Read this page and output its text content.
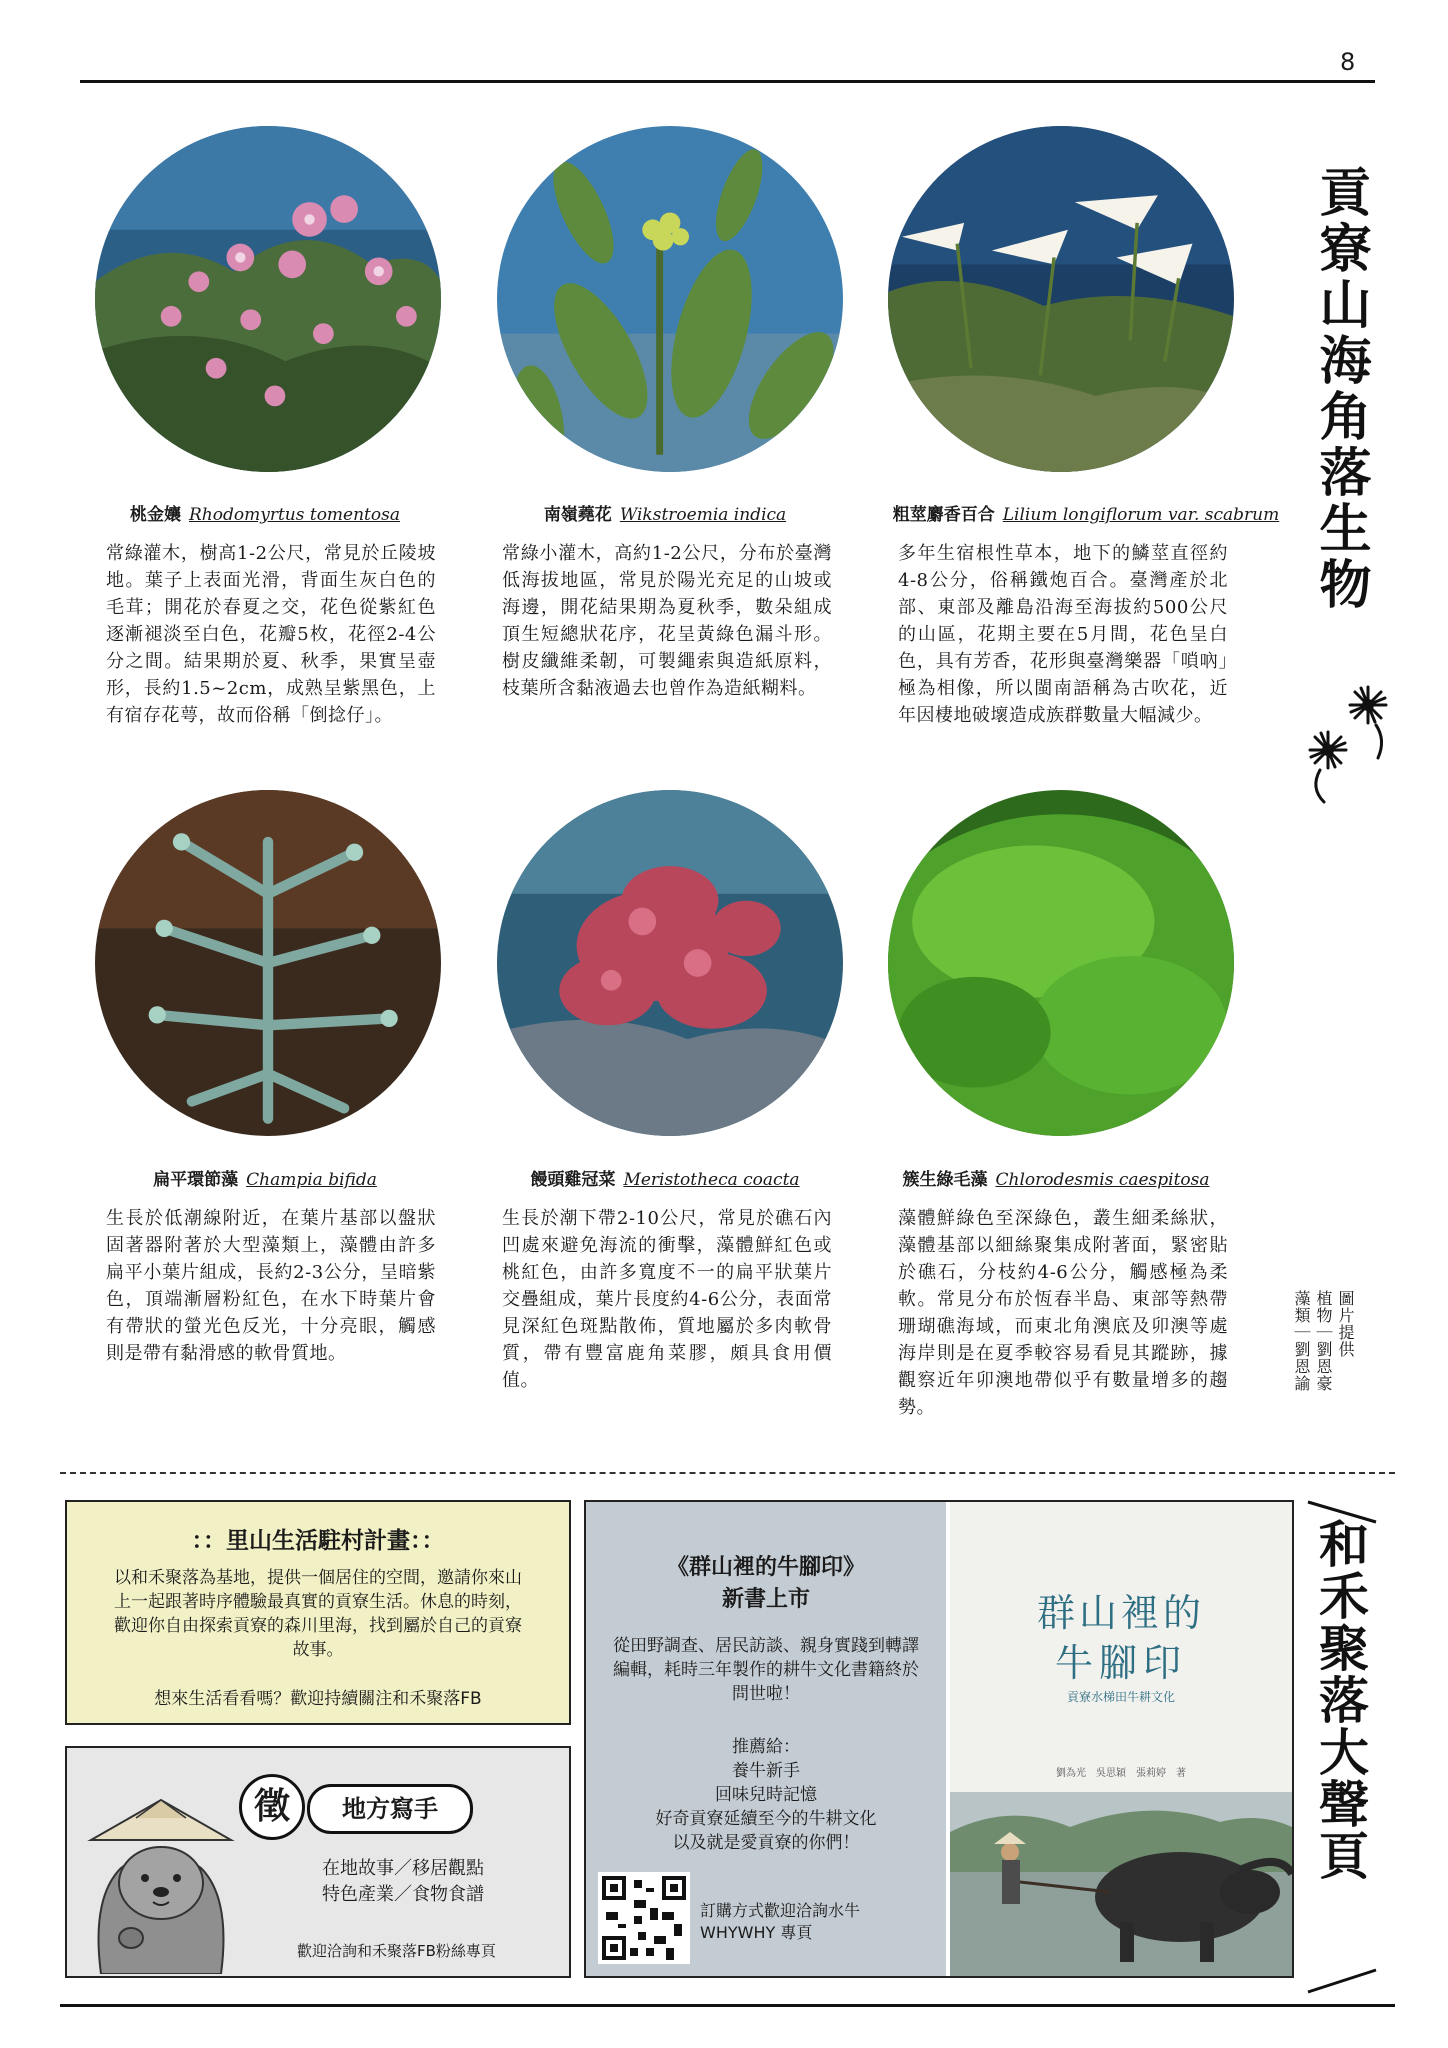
8
桃金孃 Rhodomyrtus tomentosa	南嶺蕘花 Wikstroemia indica	粗莖麝香百合 Lilium longiflorum var. scabrum
常綠灌木，樹高1-2公尺，常見於丘陵坡地。葉子上表面光滑，背面生灰白色的毛茸；開花於春夏之交，花色從紫紅色逐漸褪淡至白色，花瓣5枚，花徑2-4公分之間。結果期於夏、秋季，果實呈壺形，長約1.5~2cm，成熟呈紫黑色，上有宿存花萼，故而俗稱「倒捻仔」。
常綠小灌木，高約1-2公尺，分布於臺灣低海拔地區，常見於陽光充足的山坡或海邊，開花結果期為夏秋季，數朵組成頂生短總狀花序，花呈黃綠色漏斗形。樹皮纖維柔韌，可製繩索與造紙原料，枝葉所含黏液過去也曾作為造紙糊料。
多年生宿根性草本，地下的鱗莖直徑約4-8公分，俗稱鐵炮百合。臺灣產於北部、東部及離島沿海至海拔約500公尺的山區，花期主要在5月間，花色呈白色，具有芳香，花形與臺灣樂器「嗩吶」極為相像，所以閩南語稱為古吹花，近年因棲地破壞造成族群數量大幅減少。
貢寮山海角落生物
扁平環節藻 Champia bifida	饅頭雞冠菜 Meristotheca coacta	簇生綠毛藻 Chlorodesmis caespitosa
生長於低潮線附近，在葉片基部以盤狀固著器附著於大型藻類上，藻體由許多扁平小葉片組成，長約2-3公分，呈暗紫色，頂端漸層粉紅色，在水下時葉片會有帶狀的螢光色反光，十分亮眼，觸感則是帶有黏滑感的軟骨質地。
生長於潮下帶2-10公尺，常見於礁石內凹處來避免海流的衝擊，藻體鮮紅色或桃紅色，由許多寬度不一的扁平狀葉片交疊組成，葉片長度約4-6公分，表面常見深紅色斑點散佈，質地屬於多肉軟骨質，帶有豐富鹿角菜膠，頗具食用價值。
藻體鮮綠色至深綠色，叢生細柔絲狀，藻體基部以細絲聚集成附著面，緊密貼於礁石，分枝約4-6公分，觸感極為柔軟。常見分布於恆春半島、東部等熱帶珊瑚礁海域，而東北角澳底及卯澳等處海岸則是在夏季較容易看見其蹤跡，據觀察近年卯澳地帶似乎有數量增多的趨勢。
圖片提供
植物｜劉恩豪
藻類｜劉恩諭
：：里山生活駐村計畫：：
以和禾聚落為基地，提供一個居住的空間，邀請你來山上一起跟著時序體驗最真實的貢寮生活。休息的時刻，歡迎你自由探索貢寮的森川里海，找到屬於自己的貢寮故事。
想來生活看看嗎？歡迎持續關注和禾聚落FB
徵	地方寫手
在地故事／移居觀點
特色產業／食物食譜
歡迎洽詢和禾聚落FB粉絲專頁
《群山裡的牛腳印》
新書上市
從田野調查、居民訪談、親身實踐到轉譯編輯，耗時三年製作的耕牛文化書籍終於問世啦！
推薦給：
養牛新手
回味兒時記憶
好奇貢寮延續至今的牛耕文化
以及就是愛貢寮的你們！
訂購方式歡迎洽詢水牛WHYWHY 專頁
群山裡的
牛腳印
貢寮水梯田牛耕文化
劉為光　吳思穎　張莉婷　著	和禾聚落大聲頁
